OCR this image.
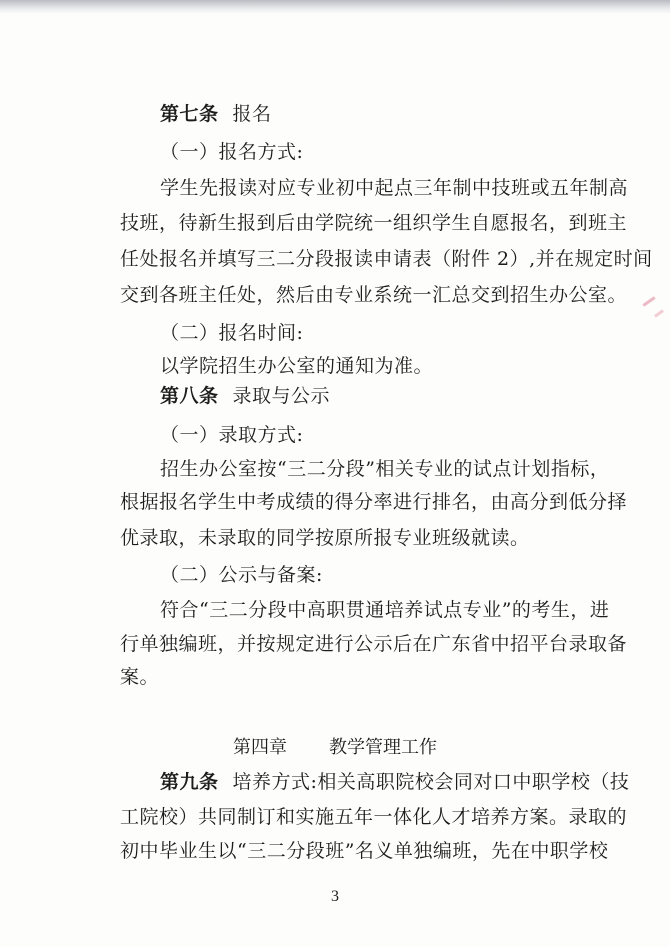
第七条 报名
（一）报名方式:
学生先报读对应专业初中起点三年制中技班或五年制高
技班，待新生报到后由学院统一组织学生自愿报名，到班主
任处报名并填写三二分段报读申请表（附件 2）,并在规定时间
交到各班主任处，然后由专业系统一汇总交到招生办公室。
（二）报名时间:
以学院招生办公室的通知为准。
第八条 录取与公示
（一）录取方式:
招生办公室按“三二分段”相关专业的试点计划指标，
根据报名学生中考成绩的得分率进行排名，由高分到低分择
优录取，未录取的同学按原所报专业班级就读。
（二）公示与备案:
符合“三二分段中高职贯通培养试点专业”的考生，进
行单独编班，并按规定进行公示后在广东省中招平台录取备
案。
第四章 教学管理工作
第九条 培养方式:相关高职院校会同对口中职学校（技
工院校）共同制订和实施五年一体化人才培养方案。录取的
初中毕业生以“三二分段班”名义单独编班，先在中职学校
3
